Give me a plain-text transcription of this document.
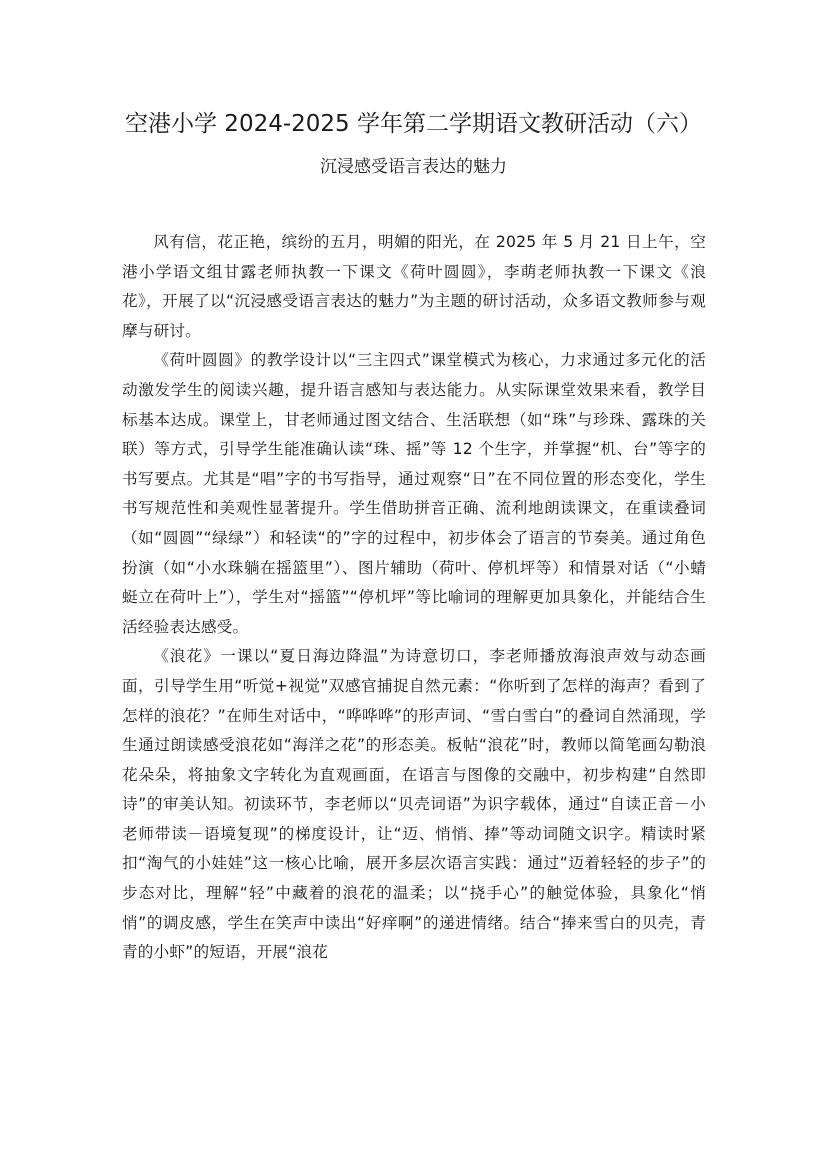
空港小学 2024-2025 学年第二学期语文教研活动（六）
沉浸感受语言表达的魅力

风有信，花正艳，缤纷的五月，明媚的阳光，在 2025 年 5 月 21 日上午，空港小学语文组甘露老师执教一下课文《荷叶圆圆》，李萌老师执教一下课文《浪花》，开展了以“沉浸感受语言表达的魅力”为主题的研讨活动，众多语文教师参与观摩与研讨。

《荷叶圆圆》的教学设计以“三主四式”课堂模式为核心，力求通过多元化的活动激发学生的阅读兴趣，提升语言感知与表达能力。从实际课堂效果来看，教学目标基本达成。课堂上，甘老师通过图文结合、生活联想（如“珠”与珍珠、露珠的关联）等方式，引导学生能准确认读“珠、摇”等 12 个生字，并掌握“机、台”等字的书写要点。尤其是“唱”字的书写指导，通过观察“日”在不同位置的形态变化，学生书写规范性和美观性显著提升。学生借助拼音正确、流利地朗读课文，在重读叠词（如“圆圆”“绿绿”）和轻读“的”字的过程中，初步体会了语言的节奏美。通过角色扮演（如“小水珠躺在摇篮里”）、图片辅助（荷叶、停机坪等）和情景对话（“小蜻蜓立在荷叶上”），学生对“摇篮”“停机坪”等比喻词的理解更加具象化，并能结合生活经验表达感受。

《浪花》一课以“夏日海边降温”为诗意切口，李老师播放海浪声效与动态画面，引导学生用“听觉+视觉”双感官捕捉自然元素：“你听到了怎样的海声？看到了怎样的浪花？”在师生对话中，“哗哗哗”的形声词、“雪白雪白”的叠词自然涌现，学生通过朗读感受浪花如“海洋之花”的形态美。板帖“浪花”时，教师以简笔画勾勒浪花朵朵，将抽象文字转化为直观画面，在语言与图像的交融中，初步构建“自然即诗”的审美认知。初读环节，李老师以“贝壳词语”为识字载体，通过“自读正音－小老师带读－语境复现”的梯度设计，让“迈、悄悄、捧”等动词随文识字。精读时紧扣“淘气的小娃娃”这一核心比喻，展开多层次语言实践：通过“迈着轻轻的步子”的步态对比，理解“轻”中藏着的浪花的温柔；以“挠手心”的触觉体验，具象化“悄悄”的调皮感，学生在笑声中读出“好痒啊”的递进情绪。结合“捧来雪白的贝壳，青青的小虾”的短语，开展“浪花
